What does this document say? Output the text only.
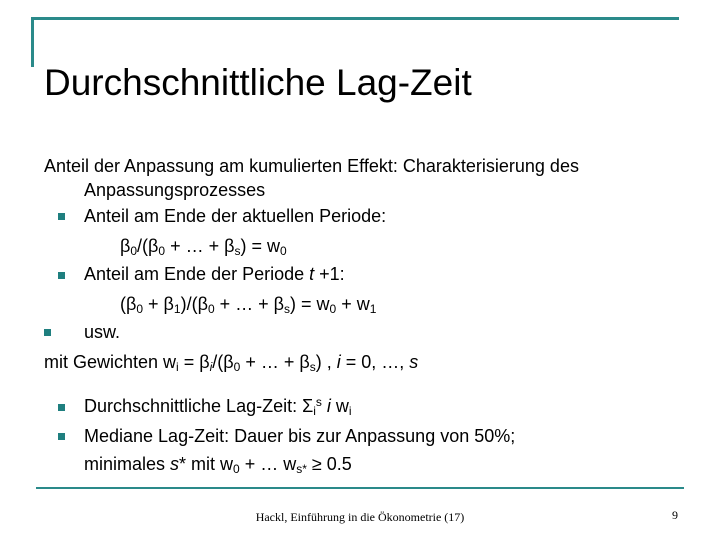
Durchschnittliche Lag-Zeit
Anteil der Anpassung am kumulierten Effekt: Charakterisierung des
Anpassungsprozesses
Anteil am Ende der aktuellen Periode:
$\beta_0/(\beta_0$ + … + $\beta_s) = w_0$
Anteil am Ende der Periode t +1:
$(\beta_0 + \beta_1)/(\beta_0$ + … + $\beta_s) = w_0 + w_1$
usw.
mit Gewichten $w_i = \beta_i/(\beta_0$ + … + $\beta_s$) , i = 0, …, s
Durchschnittliche Lag-Zeit: $\Sigma_i^s$ i $w_i$
Mediane Lag-Zeit: Dauer bis zur Anpassung von 50%;
minimales s* mit $w_0$ + … $w_{s*} \ge 0.5$
Hackl, Einführung in die Ökonometrie (17)	9
